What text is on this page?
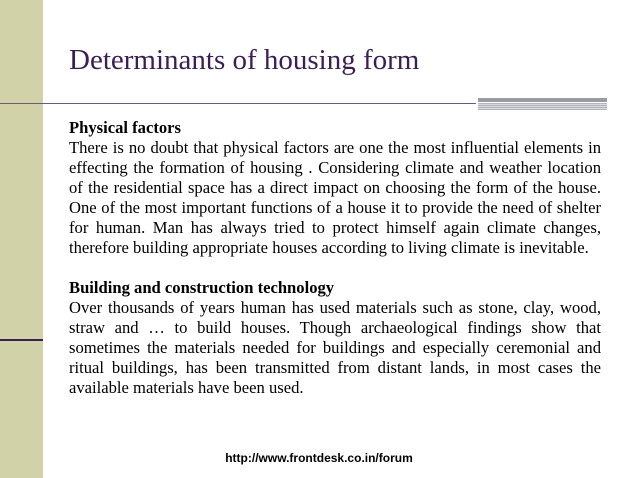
Determinants of housing form

Physical factors

There is no doubt that physical factors are one the most influential elements in effecting the formation of housing . Considering climate and weather location of the residential space has a direct impact on choosing the form of the house. One of the most important functions of a house it to provide the need of shelter for human. Man has always tried to protect himself again climate changes, therefore building appropriate houses according to living climate is inevitable.

Building and construction technology

Over thousands of years human has used materials such as stone, clay, wood, straw and … to build houses. Though archaeological findings show that sometimes the materials needed for buildings and especially ceremonial and ritual buildings, has been transmitted from distant lands, in most cases the available materials have been used.

http://www.frontdesk.co.in/forum
